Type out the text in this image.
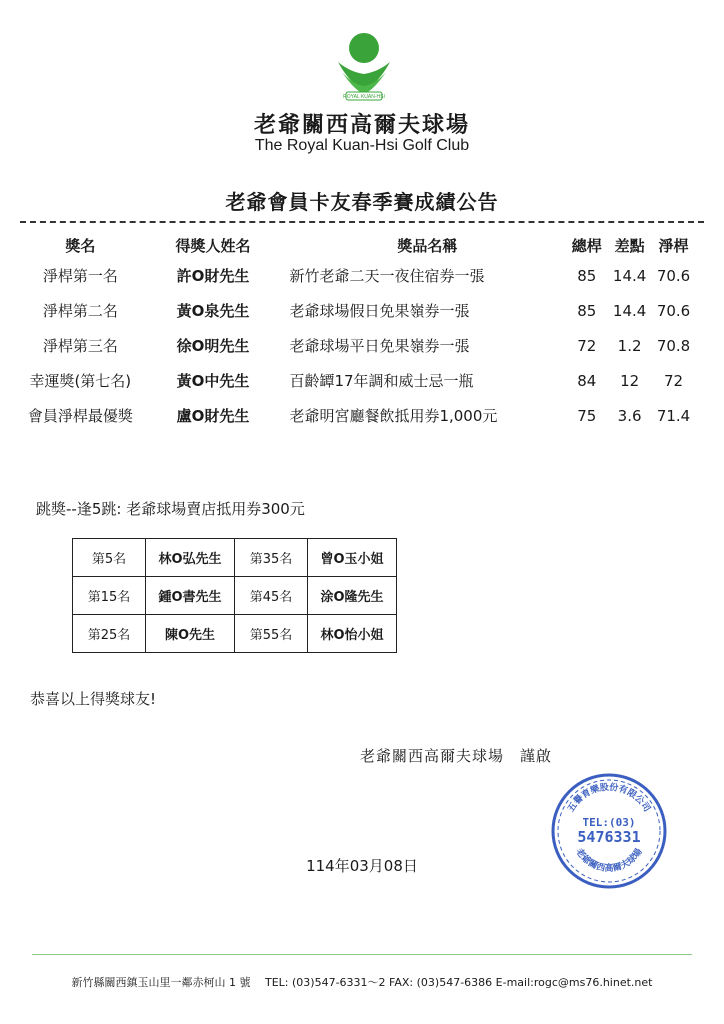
ROYAL KUAN-HSI
老爺關西高爾夫球場
The Royal Kuan-Hsi Golf Club
老爺會員卡友春季賽成績公告
獎名	得獎人姓名	獎品名稱	總桿	差點	淨桿
淨桿第一名	許O財先生	新竹老爺二天一夜住宿券一張	85	14.4	70.6
淨桿第二名	黃O泉先生	老爺球場假日免果嶺券一張	85	14.4	70.6
淨桿第三名	徐O明先生	老爺球場平日免果嶺券一張	72	1.2	70.8
幸運獎(第七名)	黃O中先生	百齡罈17年調和威士忌一瓶	84	12	72
會員淨桿最優獎	盧O財先生	老爺明宮廳餐飲抵用券1,000元	75	3.6	71.4
跳獎--逢5跳: 老爺球場賣店抵用券300元
第5名	林O弘先生	第35名	曾O玉小姐
第15名	鍾O書先生	第45名	涂O隆先生
第25名	陳O先生	第55名	林O怡小姐
恭喜以上得獎球友!
老爺關西高爾夫球場　謹啟
五譽育樂股份有限公司
老爺關西高爾夫球場
TEL:(03)
5476331
114年03月08日
新竹縣關西鎮玉山里一鄰赤柯山 1 號　 TEL: (03)547-6331～2 FAX: (03)547-6386 E-mail:rogc@ms76.hinet.net
